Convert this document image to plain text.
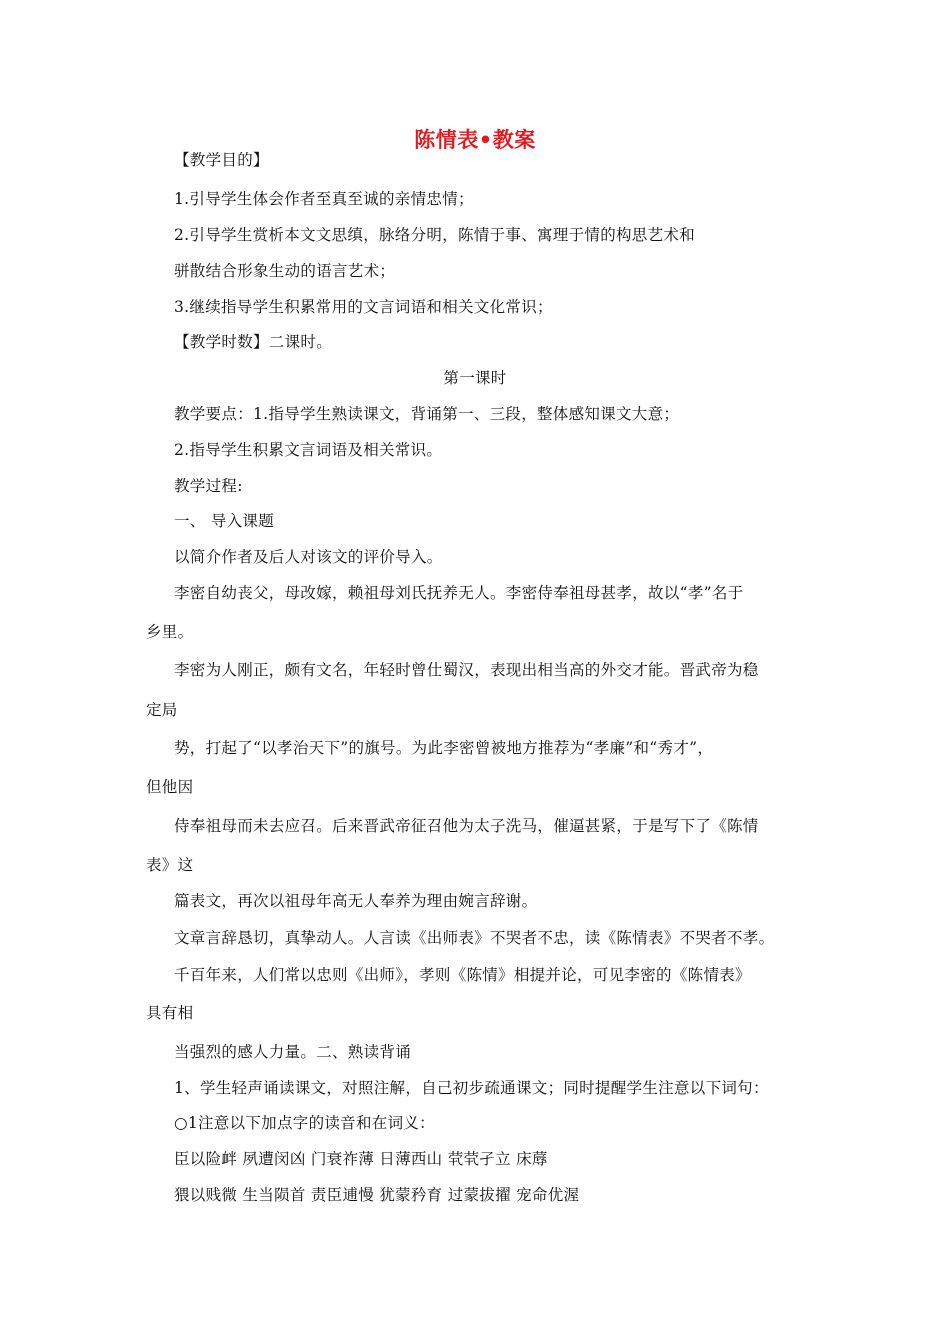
陈情表•教案
【教学目的】
1.引导学生体会作者至真至诚的亲情忠情；
2.引导学生赏析本文文思缜，脉络分明，陈情于事、寓理于情的构思艺术和
骈散结合形象生动的语言艺术；
3.继续指导学生积累常用的文言词语和相关文化常识；
【教学时数】二课时。
第一课时
教学要点：1.指导学生熟读课文，背诵第一、三段，整体感知课文大意；
2.指导学生积累文言词语及相关常识。
教学过程:
一、 导入课题
以简介作者及后人对该文的评价导入。
李密自幼丧父，母改嫁，赖祖母刘氏抚养无人。李密侍奉祖母甚孝，故以“孝”名于
乡里。
李密为人刚正，颇有文名，年轻时曾仕蜀汉，表现出相当高的外交才能。晋武帝为稳
定局
势，打起了“以孝治天下”的旗号。为此李密曾被地方推荐为“孝廉”和“秀才”，
但他因
侍奉祖母而未去应召。后来晋武帝征召他为太子洗马，催逼甚紧，于是写下了《陈情
表》这
篇表文，再次以祖母年高无人奉养为理由婉言辞谢。
文章言辞恳切，真挚动人。人言读《出师表》不哭者不忠，读《陈情表》不哭者不孝。
千百年来，人们常以忠则《出师》，孝则《陈情》相提并论，可见李密的《陈情表》
具有相
当强烈的感人力量。二、熟读背诵
1、学生轻声诵读课文，对照注解，自己初步疏通课文；同时提醒学生注意以下词句：
○1注意以下加点字的读音和在词义：
臣以险衅 夙遭闵凶 门衰祚薄 日薄西山 茕茕孑立 床蓐
猥以贱微 生当陨首 责臣逋慢 犹蒙矜育 过蒙拔擢 宠命优渥
